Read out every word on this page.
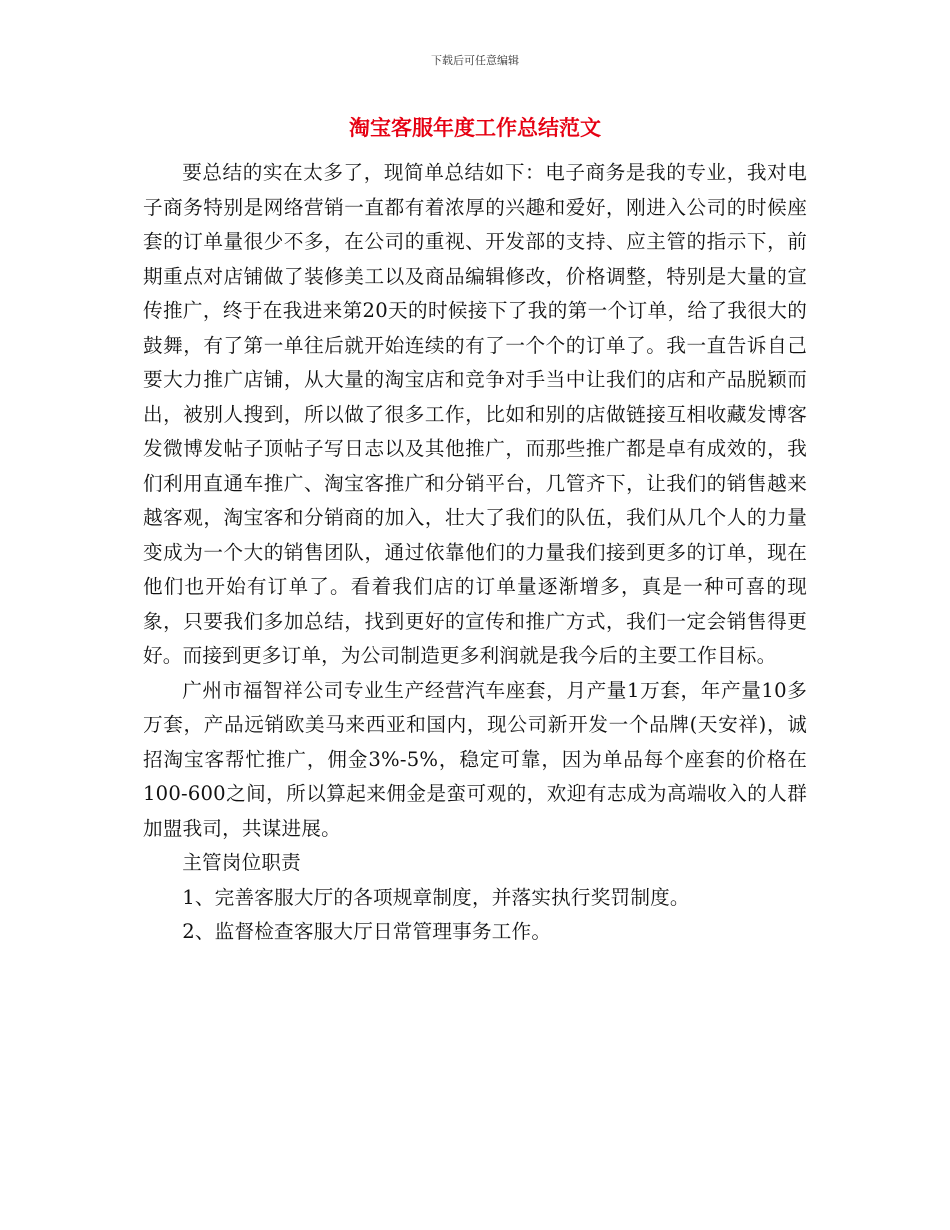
下载后可任意编辑
淘宝客服年度工作总结范文

要总结的实在太多了，现简单总结如下：电子商务是我的专业，我对电子商务特别是网络营销一直都有着浓厚的兴趣和爱好，刚进入公司的时候座套的订单量很少不多，在公司的重视、开发部的支持、应主管的指示下，前期重点对店铺做了装修美工以及商品编辑修改，价格调整，特别是大量的宣传推广，终于在我进来第20天的时候接下了我的第一个订单，给了我很大的鼓舞，有了第一单往后就开始连续的有了一个个的订单了。我一直告诉自己要大力推广店铺，从大量的淘宝店和竞争对手当中让我们的店和产品脱颖而出，被别人搜到，所以做了很多工作，比如和别的店做链接互相收藏发博客发微博发帖子顶帖子写日志以及其他推广，而那些推广都是卓有成效的，我们利用直通车推广、淘宝客推广和分销平台，几管齐下，让我们的销售越来越客观，淘宝客和分销商的加入，壮大了我们的队伍，我们从几个人的力量变成为一个大的销售团队，通过依靠他们的力量我们接到更多的订单，现在他们也开始有订单了。看着我们店的订单量逐渐增多，真是一种可喜的现象，只要我们多加总结，找到更好的宣传和推广方式，我们一定会销售得更好。而接到更多订单，为公司制造更多利润就是我今后的主要工作目标。

广州市福智祥公司专业生产经营汽车座套，月产量1万套，年产量10多万套，产品远销欧美马来西亚和国内，现公司新开发一个品牌(天安祥)，诚招淘宝客帮忙推广，佣金3%-5%，稳定可靠，因为单品每个座套的价格在100-600之间，所以算起来佣金是蛮可观的，欢迎有志成为高端收入的人群加盟我司，共谋进展。

主管岗位职责

1、完善客服大厅的各项规章制度，并落实执行奖罚制度。

2、监督检查客服大厅日常管理事务工作。
